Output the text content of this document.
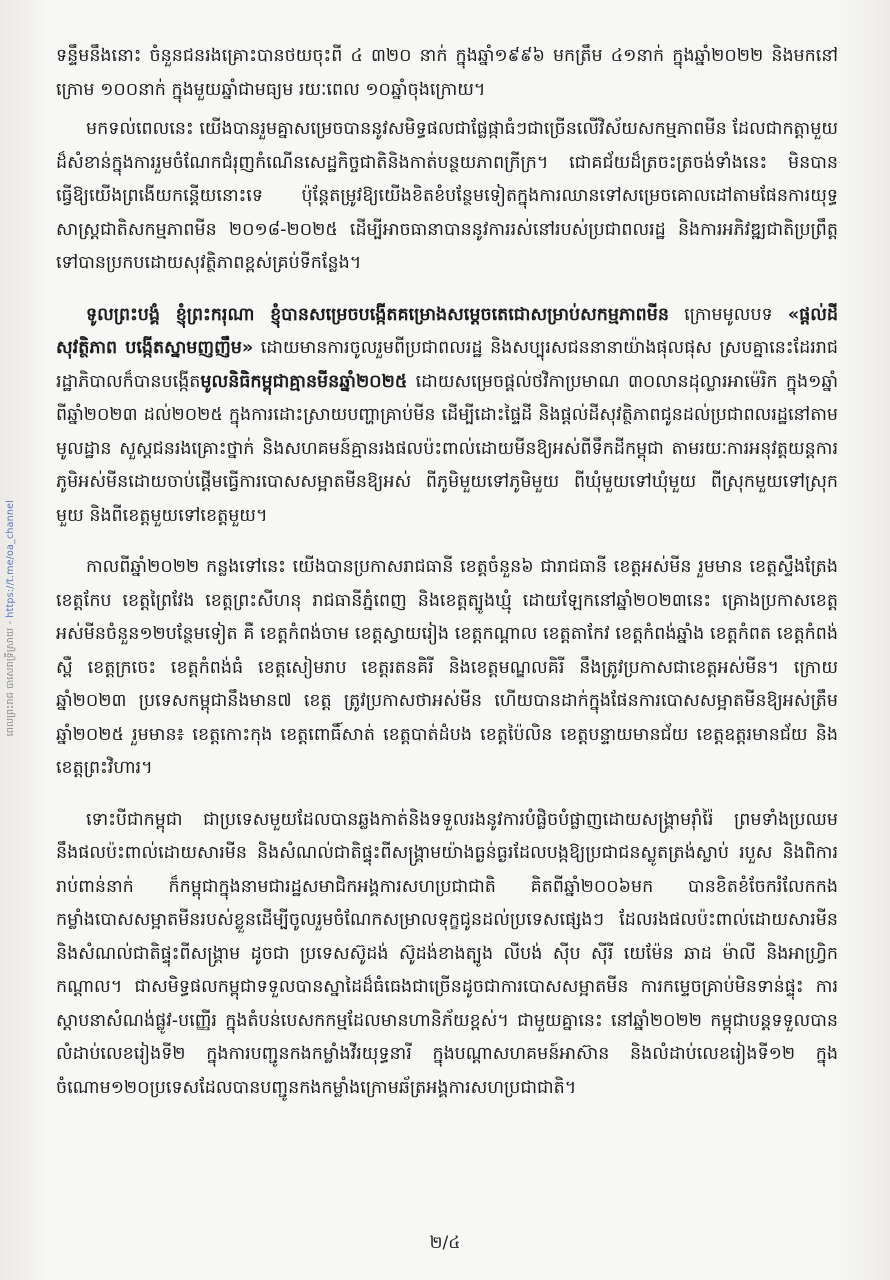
ពេលព្រះរាជ បាសេរាទ្រីស្រាយ - https://t.me/oa_channel

ទន្ទឹមនឹងនោះ ចំនួនជនរងគ្រោះបានថយចុះពី ៤ ៣២០ នាក់ ក្នុងឆ្នាំ១៩៩៦ មកត្រឹម ៤១នាក់ ក្នុងឆ្នាំ២០២២ និងមកនៅក្រោម ១០០នាក់ ក្នុងមួយឆ្នាំជាមធ្យម រយៈពេល ១០ឆ្នាំចុងក្រោយ។

មកទល់ពេលនេះ យើងបានរួមគ្នាសម្រេចបាននូវសមិទ្ធផលជាផ្លែផ្កាធំៗជាច្រើនលើវិស័យសកម្មភាពមីន ដែលជាកត្តាមួយដ៏សំខាន់ក្នុងការរួមចំណែកជំរុញកំណើនសេដ្ឋកិច្ចជាតិនិងកាត់បន្ថយភាពក្រីក្រ។ ជោគជ័យដ៏ត្រចះត្រចង់ទាំងនេះ មិនបានធ្វើឱ្យយើងព្រងើយកន្តើយនោះទេ ប៉ុន្តែតម្រូវឱ្យយើងខិតខំបន្ថែមទៀតក្នុងការឈានទៅសម្រេចគោលដៅតាមផែនការយុទ្ធសាស្ត្រជាតិសកម្មភាពមីន ២០១៨-២០២៥ ដើម្បីអាចធានាបាននូវការរស់នៅរបស់ប្រជាពលរដ្ឋ និងការអភិវឌ្ឍជាតិប្រព្រឹត្តទៅបានប្រកបដោយសុវត្ថិភាពខ្ពស់គ្រប់ទីកន្លែង។

ទូលព្រះបង្គំ ខ្ញុំព្រះករុណា ខ្ញុំបានសម្រេចបង្កើតគម្រោងសម្តេចតេជោសម្រាប់សកម្មភាពមីន ក្រោមមូលបទ «ផ្តល់ដីសុវត្ថិភាព បង្កើតស្នាមញញឹម» ដោយមានការចូលរួមពីប្រជាពលរដ្ឋ និងសប្បុរសជននានាយ៉ាងផុលផុស ស្របគ្នានេះដែររាជរដ្ឋាភិបាលក៏បានបង្កើតមូលនិធិកម្ពុជាគ្មានមីនឆ្នាំ២០២៥ ដោយសម្រេចផ្តល់ថវិកាប្រមាណ ៣០លានដុល្លារអាម៉េរិក ក្នុង១ឆ្នាំ ពីឆ្នាំ២០២៣ ដល់២០២៥ ក្នុងការដោះស្រាយបញ្ហាគ្រាប់មីន ដើម្បីដោះផ្ទៃដី និងផ្តល់ដីសុវត្ថិភាពជូនដល់ប្រជាពលរដ្ឋនៅតាមមូលដ្ឋាន សួស្តជនរងគ្រោះថ្នាក់ និងសហគមន៍គ្មានរងផលប៉ះពាល់ដោយមីនឱ្យអស់ពីទឹកដីកម្ពុជា តាមរយៈការអនុវត្តយន្តការភូមិអស់មីនដោយចាប់ផ្តើមធ្វើការបោសសម្អាតមីនឱ្យអស់ ពីភូមិមួយទៅភូមិមួយ ពីឃុំមួយទៅឃុំមួយ ពីស្រុកមួយទៅស្រុកមួយ និងពីខេត្តមួយទៅខេត្តមួយ។

កាលពីឆ្នាំ២០២២ កន្លងទៅនេះ យើងបានប្រកាសរាជធានី ខេត្តចំនួន៦ ជារាជធានី ខេត្តអស់មីន រួមមាន ខេត្តស្ទឹងត្រែង ខេត្តកែប ខេត្តព្រៃវែង ខេត្តព្រះសីហនុ រាជធានីភ្នំពេញ និងខេត្តត្បូងឃ្មុំ ដោយឡែកនៅឆ្នាំ២០២៣នេះ គ្រោងប្រកាសខេត្តអស់មីនចំនួន១២បន្ថែមទៀត គឺ ខេត្តកំពង់ចាម ខេត្តស្វាយរៀង ខេត្តកណ្តាល ខេត្តតាកែវ ខេត្តកំពង់ឆ្នាំង ខេត្តកំពត ខេត្តកំពង់ស្ពឺ ខេត្តក្រចេះ ខេត្តកំពង់ធំ ខេត្តសៀមរាប ខេត្តរតនគិរី និងខេត្តមណ្ឌលគិរី នឹងត្រូវប្រកាសជាខេត្តអស់មីន។ ក្រោយឆ្នាំ២០២៣ ប្រទេសកម្ពុជានឹងមាន៧ ខេត្ត ត្រូវប្រកាសថាអស់មីន ហើយបានដាក់ក្នុងផែនការបោសសម្អាតមីនឱ្យអស់ត្រឹមឆ្នាំ២០២៥ រួមមាន៖ ខេត្តកោះកុង ខេត្តពោធិ៍សាត់ ខេត្តបាត់ដំបង ខេត្តប៉ៃលិន ខេត្តបន្ទាយមានជ័យ ខេត្តឧត្តរមានជ័យ និងខេត្តព្រះវិហារ។

ទោះបីជាកម្ពុជា ជាប្រទេសមួយដែលបានឆ្លងកាត់និងទទួលរងនូវការបំផ្លិចបំផ្លាញដោយសង្គ្រាមរ៉ាំរ៉ៃ ព្រមទាំងប្រឈមនឹងផលប៉ះពាល់ដោយសារមីន និងសំណល់ជាតិផ្ទុះពីសង្គ្រាមយ៉ាងធ្ងន់ធ្ងរដែលបង្កឱ្យប្រជាជនស្លូតត្រង់ស្លាប់ របួស និងពិការរាប់ពាន់នាក់ ក៏កម្ពុជាក្នុងនាមជារដ្ឋសមាជិកអង្គការសហប្រជាជាតិ គិតពីឆ្នាំ២០០៦មក បានខិតខំចែករំលែកកងកម្លាំងបោសសម្អាតមីនរបស់ខ្លួនដើម្បីចូលរួមចំណែកសម្រាលទុក្ខជូនដល់ប្រទេសផ្សេងៗ ដែលរងផលប៉ះពាល់ដោយសារមីន និងសំណល់ជាតិផ្ទុះពីសង្គ្រាម ដូចជា ប្រទេសស៊ូដង់ ស៊ូដង់ខាងត្បូង លីបង់ ស៊ីប ស៊ីរី យេម៉ែន ឆាដ ម៉ាលី និងអាហ្វ្រិកកណ្តាល។ ជាសមិទ្ធផលកម្ពុជាទទួលបានស្នាដៃដ៏ធំធេងជាច្រើនដូចជាការបោសសម្អាតមីន ការកម្ទេចគ្រាប់មិនទាន់ផ្ទុះ ការស្តាបនាសំណង់ផ្លូវ-បញ្ញើរ ក្នុងតំបន់បេសកកម្មដែលមានហានិភ័យខ្ពស់។ ជាមួយគ្នានេះ នៅឆ្នាំ២០២២ កម្ពុជាបន្តទទួលបានលំដាប់លេខរៀងទី២ ក្នុងការបញ្ជូនកងកម្លាំងវីរយុទ្ធនារី ក្នុងបណ្តាសហគមន៍អាស៊ាន និងលំដាប់លេខរៀងទី១២ ក្នុងចំណោម១២០ប្រទេសដែលបានបញ្ជូនកងកម្លាំងក្រោមឆ័ត្រអង្គការសហប្រជាជាតិ។

២/៤
